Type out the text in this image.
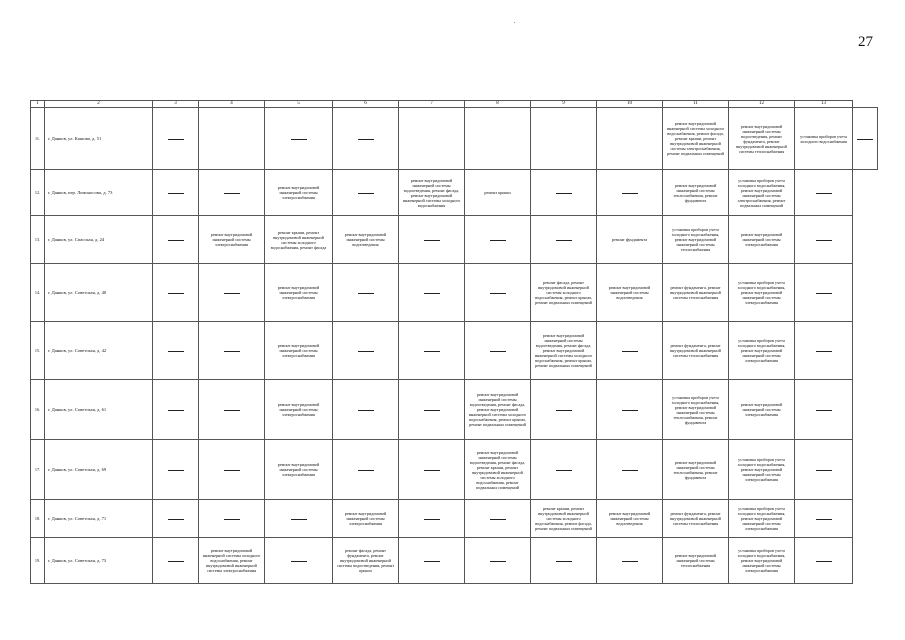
27
1	2	3	4	5	6	7	8	9	10	11	12	13	
11.	г. Данков, ул. Кашова, д. 51									ремонт внутридомовой инженерной системы холодного водоснабжения, ремонт фасада, ремонт крыши, ремонт внутридомовой инженерной системы электроснабжения, ремонт подвальных помещений	ремонт внутридомовой инженерной системы водоотведения, ремонт фундамента, ремонт внутридомовой инженерной системы теплоснабжения	установка приборов учета холодного водоснабжения	
12.	г. Данков, пер. Ломоносова, д. 73			ремонт внутридомовой инженерной системы электроснабжения		ремонт внутридомовой инженерной системы водоотведения, ремонт фасада, ремонт внутридомовой инженерной системы холодного водоснабжения	ремонт крыши			ремонт внутридомовой инженерной системы теплоснабжения, ремонт фундамента	установка приборов учета холодного водоснабжения, ремонт внутридомовой инженерной системы электроснабжения, ремонт подвальных помещений		
13.	г. Данков, ул. Спасская, д. 24		ремонт внутридомовой инженерной системы электроснабжения	ремонт крыши, ремонт внутридомовой инженерной системы холодного водоснабжения, ремонт фасада	ремонт внутридомовой инженерной системы водоотведения				ремонт фундамента	установка приборов учета холодного водоснабжения, ремонт внутридомовой инженерной системы теплоснабжения	ремонт внутридомовой инженерной системы электроснабжения		
14.	г. Данков, ул. Советская, д. 40			ремонт внутридомовой инженерной системы электроснабжения				ремонт фасада, ремонт внутридомовой инженерной системы холодного водоснабжения, ремонт крыши, ремонт подвальных помещений	ремонт внутридомовой инженерной системы водоотведения	ремонт фундамента, ремонт внутридомовой инженерной системы теплоснабжения	установка приборов учета холодного водоснабжения, ремонт внутридомовой инженерной системы электроснабжения		
15.	г. Данков, ул. Советская, д. 42			ремонт внутридомовой инженерной системы электроснабжения				ремонт внутридомовой инженерной системы водоотведения, ремонт фасада, ремонт внутридомовой инженерной системы холодного водоснабжения, ремонт крыши, ремонт подвальных помещений		ремонт фундамента, ремонт внутридомовой инженерной системы теплоснабжения	установка приборов учета холодного водоснабжения, ремонт внутридомовой инженерной системы электроснабжения		
16.	г. Данков, ул. Советская, д. 61			ремонт внутридомовой инженерной системы электроснабжения			ремонт внутридомовой инженерной системы водоотведения, ремонт фасада, ремонт внутридомовой инженерной системы холодного водоснабжения, ремонт крыши, ремонт подвальных помещений			установка приборов учета холодного водоснабжения, ремонт внутридомовой инженерной системы теплоснабжения, ремонт фундамента	ремонт внутридомовой инженерной системы электроснабжения		
17.	г. Данков, ул. Советская, д. 69			ремонт внутридомовой инженерной системы электроснабжения			ремонт внутридомовой инженерной системы водоотведения, ремонт фасада, ремонт крыши, ремонт внутридомовой инженерной системы холодного водоснабжения, ремонт подвальных помещений			ремонт внутридомовой инженерной системы теплоснабжения, ремонт фундамента	установка приборов учета холодного водоснабжения, ремонт внутридомовой инженерной системы электроснабжения		
18.	г. Данков, ул. Советская, д. 71				ремонт внутридомовой инженерной системы электроснабжения			ремонт крыши, ремонт внутридомовой инженерной системы холодного водоснабжения, ремонт фасада, ремонт подвальных помещений	ремонт внутридомовой инженерной системы водоотведения	ремонт фундамента, ремонт внутридомовой инженерной системы теплоснабжения	установка приборов учета холодного водоснабжения, ремонт внутридомовой инженерной системы электроснабжения		
19.	г. Данков, ул. Советская, д. 73		ремонт внутридомовой инженерной системы холодного водоснабжения, ремонт внутридомовой инженерной системы электроснабжения		ремонт фасада, ремонт фундамента, ремонт внутридомовой инженерной системы водоотведения, ремонт крыши					ремонт внутридомовой инженерной системы теплоснабжения	установка приборов учета холодного водоснабжения, ремонт внутридомовой инженерной системы электроснабжения		
